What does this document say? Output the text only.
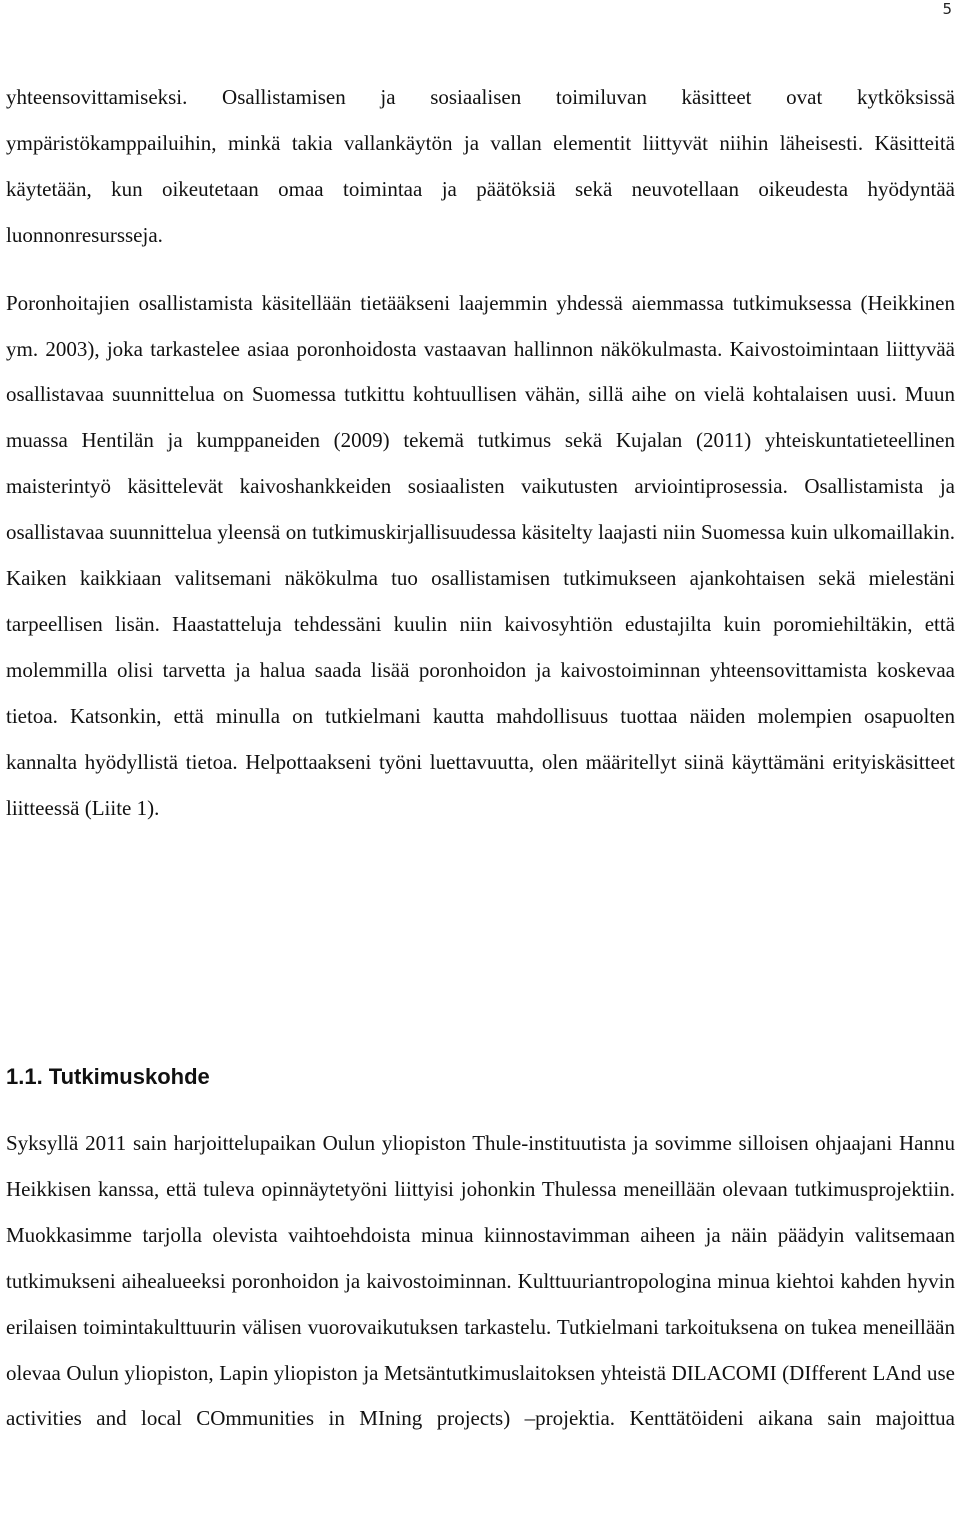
5

yhteensovittamiseksi. Osallistamisen ja sosiaalisen toimiluvan käsitteet ovat kytköksissä ympäristökamppailuihin, minkä takia vallankäytön ja vallan elementit liittyvät niihin läheisesti. Käsitteitä käytetään, kun oikeutetaan omaa toimintaa ja päätöksiä sekä neuvotellaan oikeudesta hyödyntää luonnonresursseja.

Poronhoitajien osallistamista käsitellään tietääkseni laajemmin yhdessä aiemmassa tutkimuksessa (Heikkinen ym. 2003), joka tarkastelee asiaa poronhoidosta vastaavan hallinnon näkökulmasta. Kaivostoimintaan liittyvää osallistavaa suunnittelua on Suomessa tutkittu kohtuullisen vähän, sillä aihe on vielä kohtalaisen uusi. Muun muassa Hentilän ja kumppaneiden (2009) tekemä tutkimus sekä Kujalan (2011) yhteiskuntatieteellinen maisterintyö käsittelevät kaivoshankkeiden sosiaalisten vaikutusten arviointiprosessia. Osallistamista ja osallistavaa suunnittelua yleensä on tutkimuskirjallisuudessa käsitelty laajasti niin Suomessa kuin ulkomaillakin. Kaiken kaikkiaan valitsemani näkökulma tuo osallistamisen tutkimukseen ajankohtaisen sekä mielestäni tarpeellisen lisän. Haastatteluja tehdessäni kuulin niin kaivosyhtiön edustajilta kuin poromiehiltäkin, että molemmilla olisi tarvetta ja halua saada lisää poronhoidon ja kaivostoiminnan yhteensovittamista koskevaa tietoa. Katsonkin, että minulla on tutkielmani kautta mahdollisuus tuottaa näiden molempien osapuolten kannalta hyödyllistä tietoa. Helpottaakseni työni luettavuutta, olen määritellyt siinä käyttämäni erityiskäsitteet liitteessä (Liite 1).

1.1. Tutkimuskohde

Syksyllä 2011 sain harjoittelupaikan Oulun yliopiston Thule-instituutista ja sovimme silloisen ohjaajani Hannu Heikkisen kanssa, että tuleva opinnäytetyöni liittyisi johonkin Thulessa meneillään olevaan tutkimusprojektiin. Muokkasimme tarjolla olevista vaihtoehdoista minua kiinnostavimman aiheen ja näin päädyin valitsemaan tutkimukseni aihealueeksi poronhoidon ja kaivostoiminnan. Kulttuuriantropologina minua kiehtoi kahden hyvin erilaisen toimintakulttuurin välisen vuorovaikutuksen tarkastelu. Tutkielmani tarkoituksena on tukea meneillään olevaa Oulun yliopiston, Lapin yliopiston ja Metsäntutkimuslaitoksen yhteistä DILACOMI (DIfferent LAnd use activities and local COmmunities in MIning projects) –projektia. Kenttätöideni aikana sain majoittua
